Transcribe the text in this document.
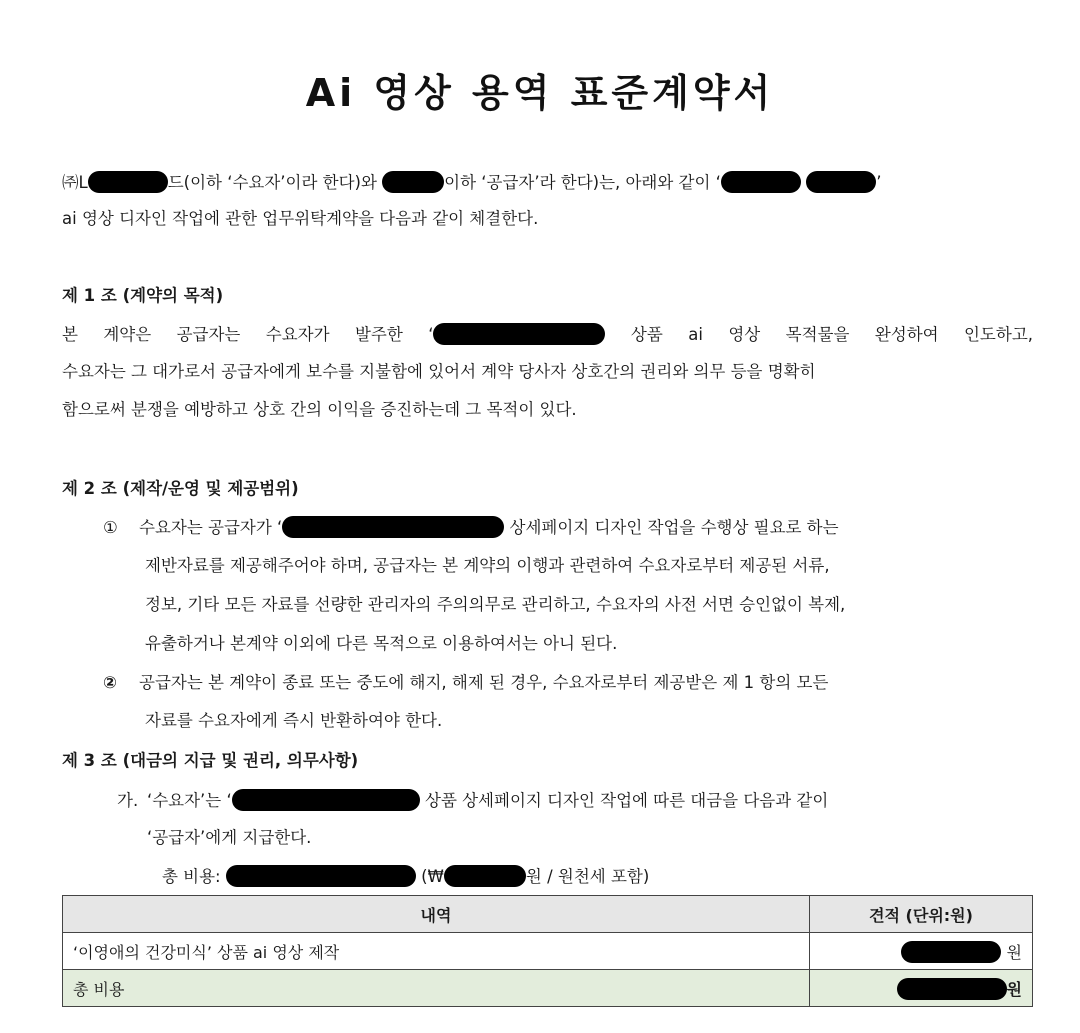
Ai 영상 용역 표준계약서
㈜L	드(이하 ‘수요자’이라 한다)와	이하 ‘공급자’라 한다)는, 아래와 같이 ‘	’
ai 영상 디자인 작업에 관한 업무위탁계약을 다음과 같이 체결한다.
제 1 조 (계약의 목적)
본 계약은 공급자는 수요자가 발주한 ‘	상품 ai 영상 목적물을 완성하여 인도하고,
수요자는 그 대가로서 공급자에게 보수를 지불함에 있어서 계약 당사자 상호간의 권리와 의무 등을 명확히
함으로써 분쟁을 예방하고 상호 간의 이익을 증진하는데 그 목적이 있다.
제 2 조 (제작/운영 및 제공범위)
① 수요자는 공급자가 ‘	상세페이지 디자인 작업을 수행상 필요로 하는
제반자료를 제공해주어야 하며, 공급자는 본 계약의 이행과 관련하여 수요자로부터 제공된 서류,
정보, 기타 모든 자료를 선량한 관리자의 주의의무로 관리하고, 수요자의 사전 서면 승인없이 복제,
유출하거나 본계약 이외에 다른 목적으로 이용하여서는 아니 된다.
② 공급자는 본 계약이 종료 또는 중도에 해지, 해제 된 경우, 수요자로부터 제공받은 제 1 항의 모든
자료를 수요자에게 즉시 반환하여야 한다.
제 3 조 (대금의 지급 및 권리, 의무사항)
가. ‘수요자’는 ‘	상품 상세페이지 디자인 작업에 따른 대금을 다음과 같이
‘공급자’에게 지급한다.
총 비용:	(₩	원 / 원천세 포함)
내역	견적 (단위:원)
‘이영애의 건강미식’ 상품 ai 영상 제작	원
총 비용	원
